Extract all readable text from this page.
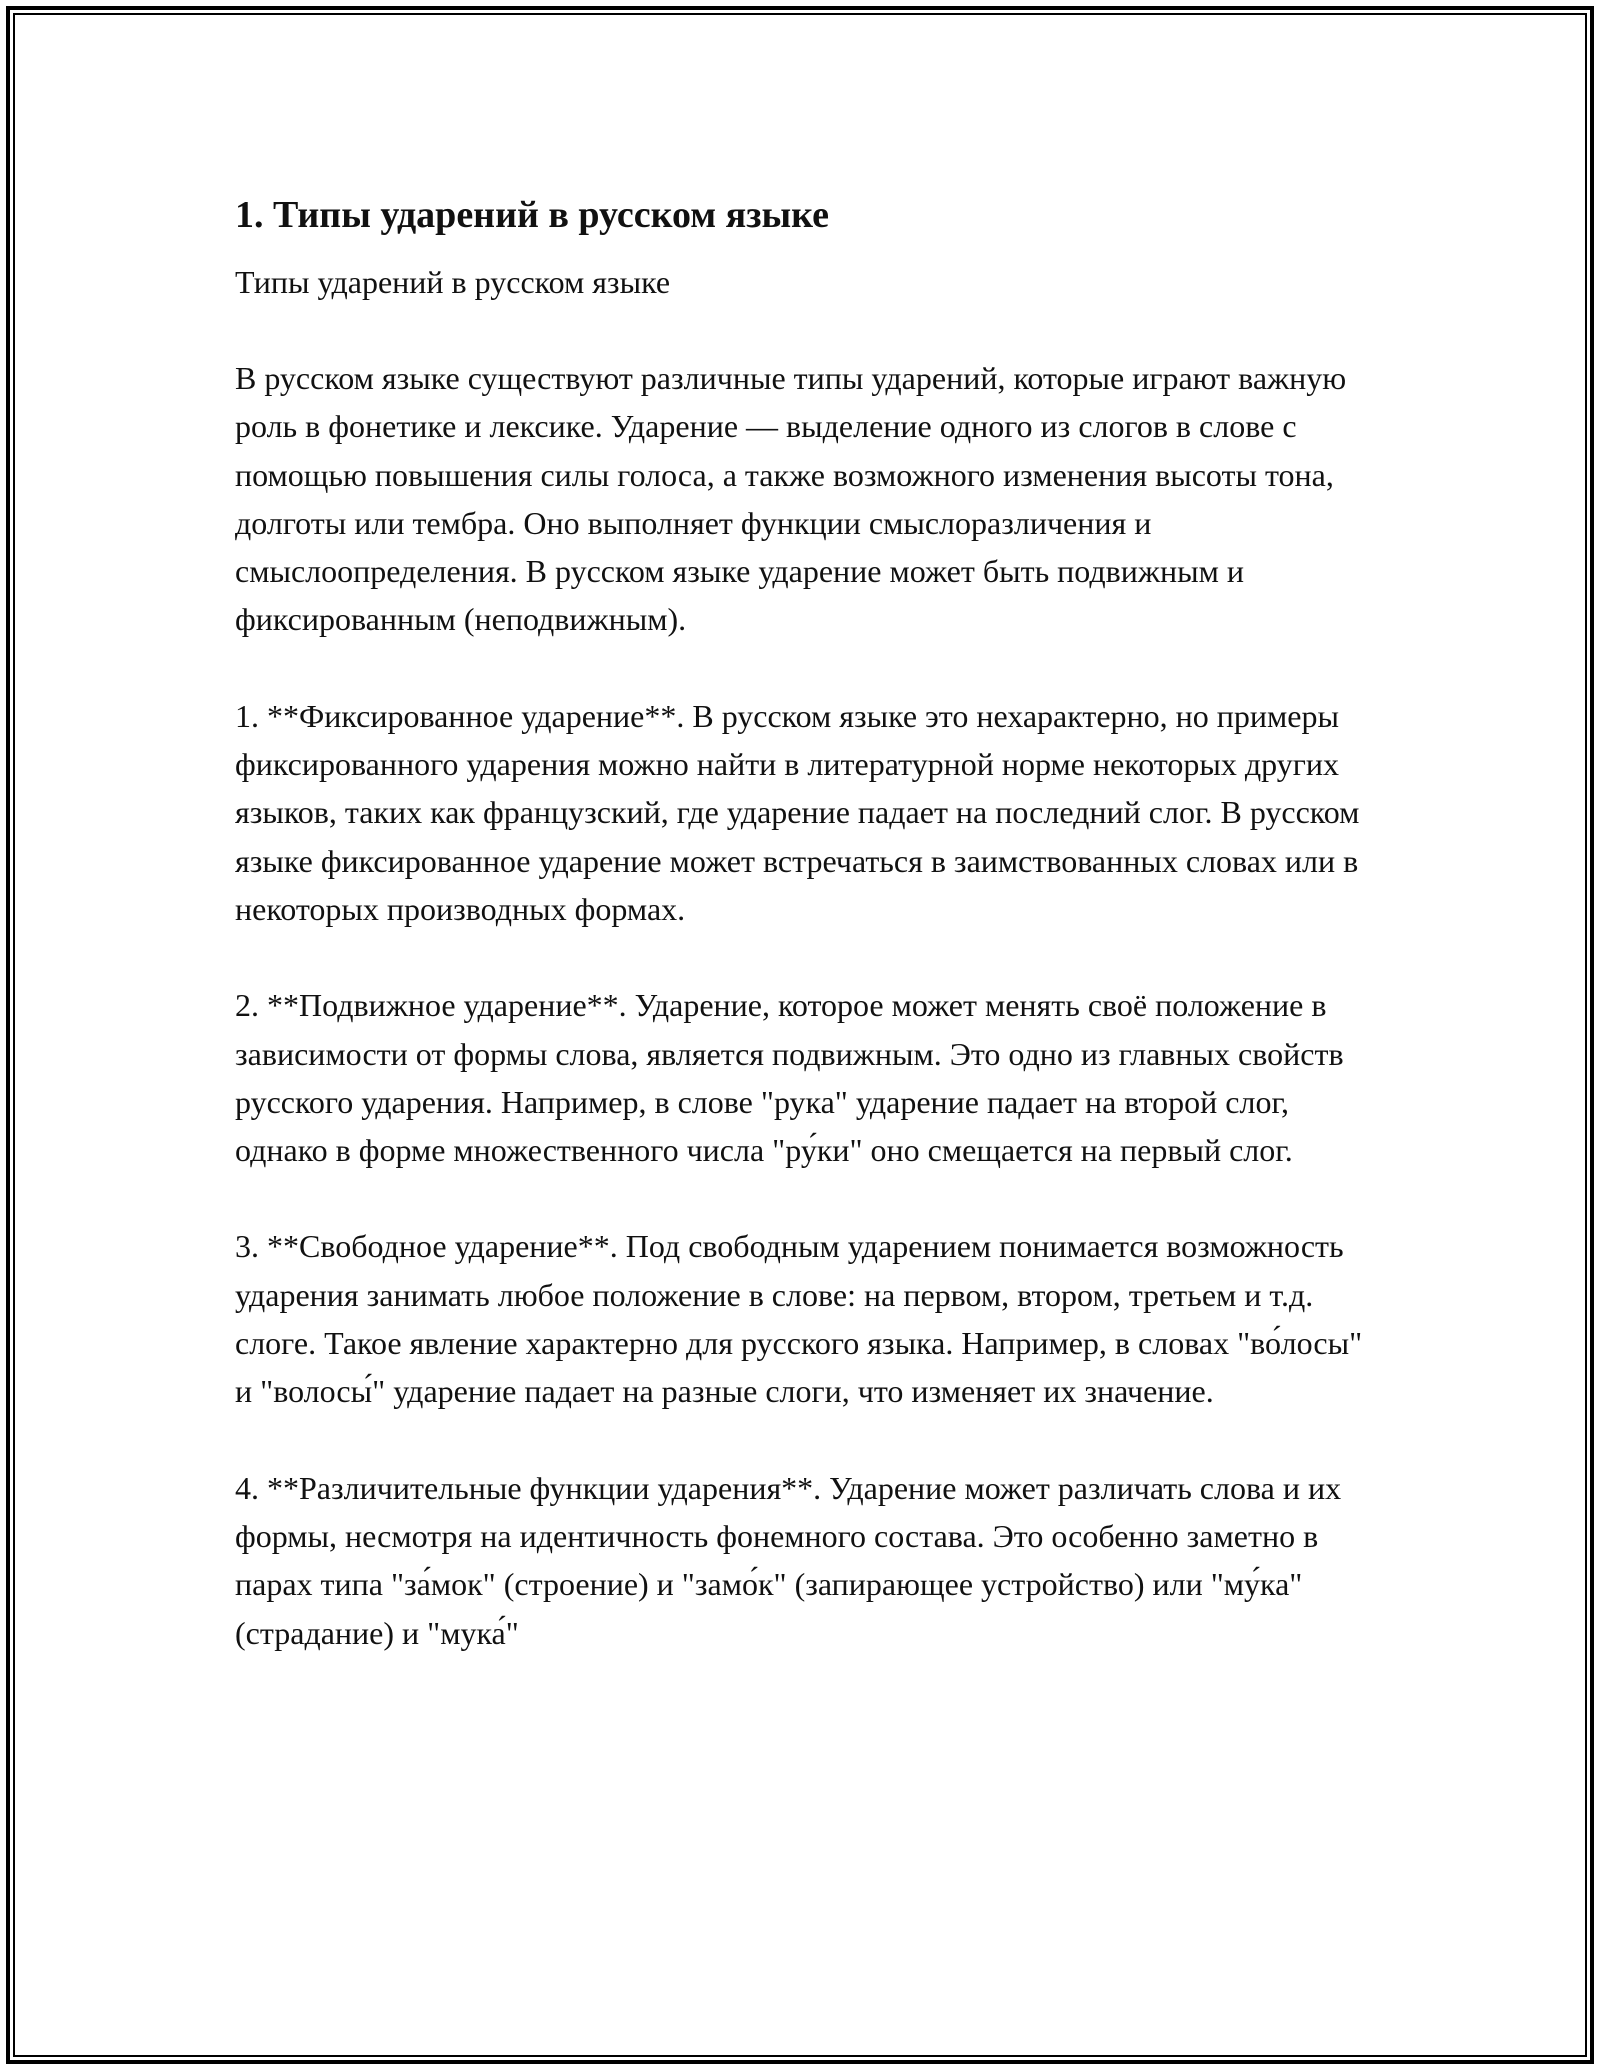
1. Типы ударений в русском языке

Типы ударений в русском языке

В русском языке существуют различные типы ударений, которые играют важную роль в фонетике и лексике. Ударение — выделение одного из слогов в слове с помощью повышения силы голоса, а также возможного изменения высоты тона, долготы или тембра. Оно выполняет функции смыслоразличения и смыслоопределения. В русском языке ударение может быть подвижным и фиксированным (неподвижным).

1. **Фиксированное ударение**. В русском языке это нехарактерно, но примеры фиксированного ударения можно найти в литературной норме некоторых других языков, таких как французский, где ударение падает на последний слог. В русском языке фиксированное ударение может встречаться в заимствованных словах или в некоторых производных формах.

2. **Подвижное ударение**. Ударение, которое может менять своё положение в зависимости от формы слова, является подвижным. Это одно из главных свойств русского ударения. Например, в слове "рука" ударение падает на второй слог, однако в форме множественного числа "ру́ки" оно смещается на первый слог.

3. **Свободное ударение**. Под свободным ударением понимается возможность ударения занимать любое положение в слове: на первом, втором, третьем и т.д. слоге. Такое явление характерно для русского языка. Например, в словах "во́лосы" и "волосы́" ударение падает на разные слоги, что изменяет их значение.

4. **Различительные функции ударения**. Ударение может различать слова и их формы, несмотря на идентичность фонемного состава. Это особенно заметно в парах типа "за́мок" (строение) и "замо́к" (запирающее устройство) или "му́ка" (страдание) и "мука́"
